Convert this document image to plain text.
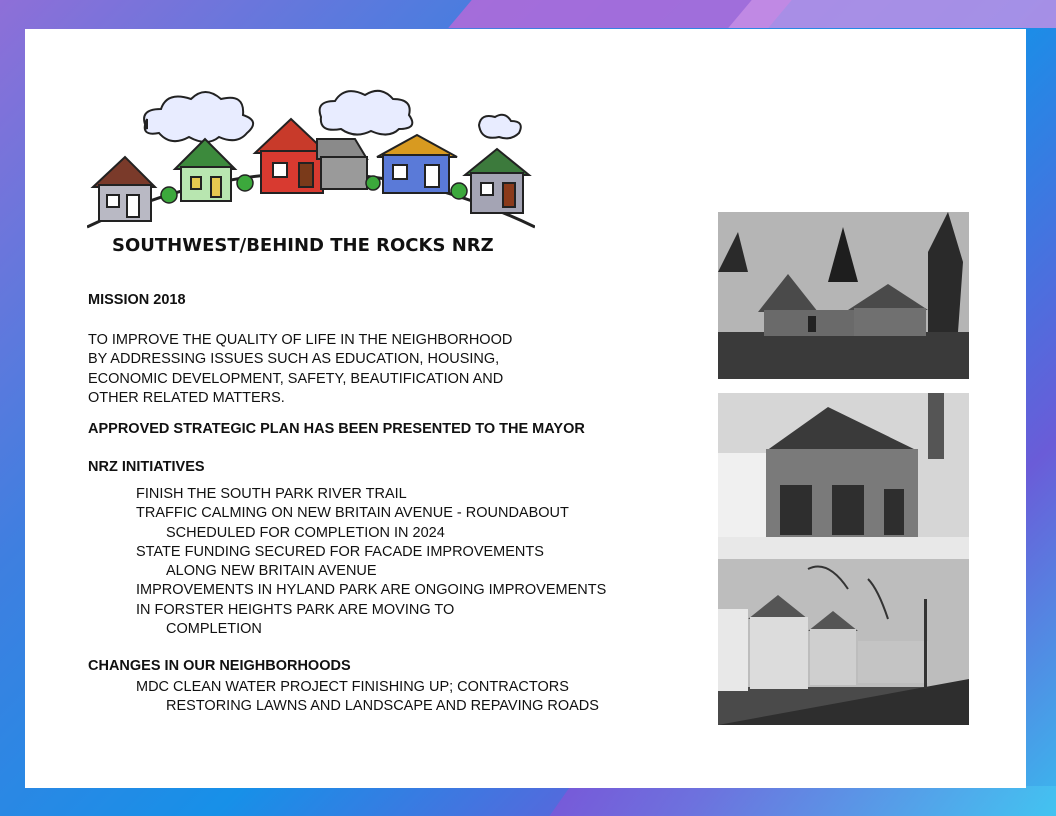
SOUTHWEST/BEHIND THE ROCKS NRZ
MISSION 2018
TO IMPROVE THE QUALITY OF LIFE IN THE NEIGHBORHOOD
BY ADDRESSING ISSUES SUCH AS EDUCATION, HOUSING,
ECONOMIC DEVELOPMENT, SAFETY, BEAUTIFICATION AND
OTHER RELATED MATTERS.
APPROVED STRATEGIC PLAN HAS BEEN PRESENTED TO THE MAYOR
NRZ INITIATIVES
FINISH THE SOUTH PARK RIVER TRAIL
TRAFFIC CALMING ON NEW BRITAIN AVENUE - ROUNDABOUT
SCHEDULED FOR COMPLETION IN 2024
STATE FUNDING SECURED FOR FACADE IMPROVEMENTS
ALONG NEW BRITAIN AVENUE
IMPROVEMENTS IN HYLAND PARK ARE ONGOING IMPROVEMENTS
IN FORSTER HEIGHTS PARK ARE MOVING TO
COMPLETION
CHANGES IN OUR NEIGHBORHOODS
MDC CLEAN WATER PROJECT FINISHING UP; CONTRACTORS
RESTORING LAWNS AND LANDSCAPE AND REPAVING ROADS
